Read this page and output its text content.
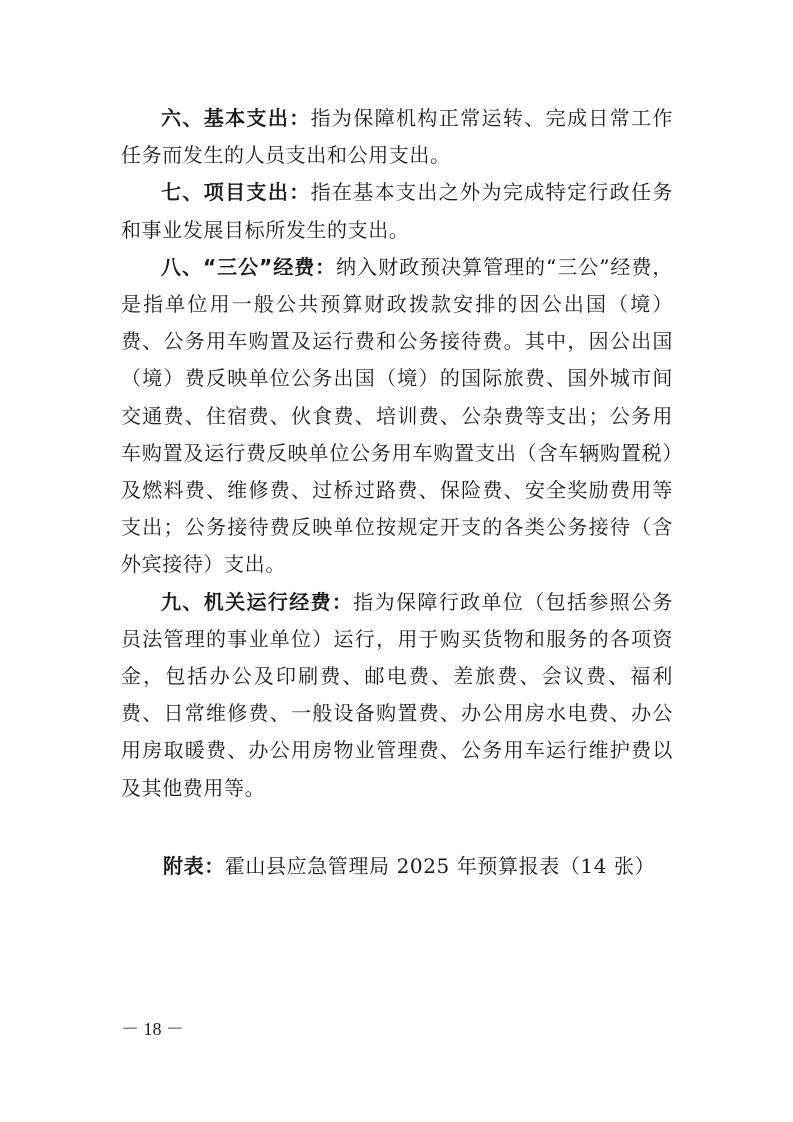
六、基本支出：指为保障机构正常运转、完成日常工作任务而发生的人员支出和公用支出。

七、项目支出：指在基本支出之外为完成特定行政任务和事业发展目标所发生的支出。

八、“三公”经费：纳入财政预决算管理的“三公”经费，是指单位用一般公共预算财政拨款安排的因公出国（境）费、公务用车购置及运行费和公务接待费。其中，因公出国（境）费反映单位公务出国（境）的国际旅费、国外城市间交通费、住宿费、伙食费、培训费、公杂费等支出；公务用车购置及运行费反映单位公务用车购置支出（含车辆购置税）及燃料费、维修费、过桥过路费、保险费、安全奖励费用等支出；公务接待费反映单位按规定开支的各类公务接待（含外宾接待）支出。

九、机关运行经费：指为保障行政单位（包括参照公务员法管理的事业单位）运行，用于购买货物和服务的各项资金，包括办公及印刷费、邮电费、差旅费、会议费、福利费、日常维修费、一般设备购置费、办公用房水电费、办公用房取暖费、办公用房物业管理费、公务用车运行维护费以及其他费用等。

附表：霍山县应急管理局 2025 年预算报表（14 张）
－ 18 －
